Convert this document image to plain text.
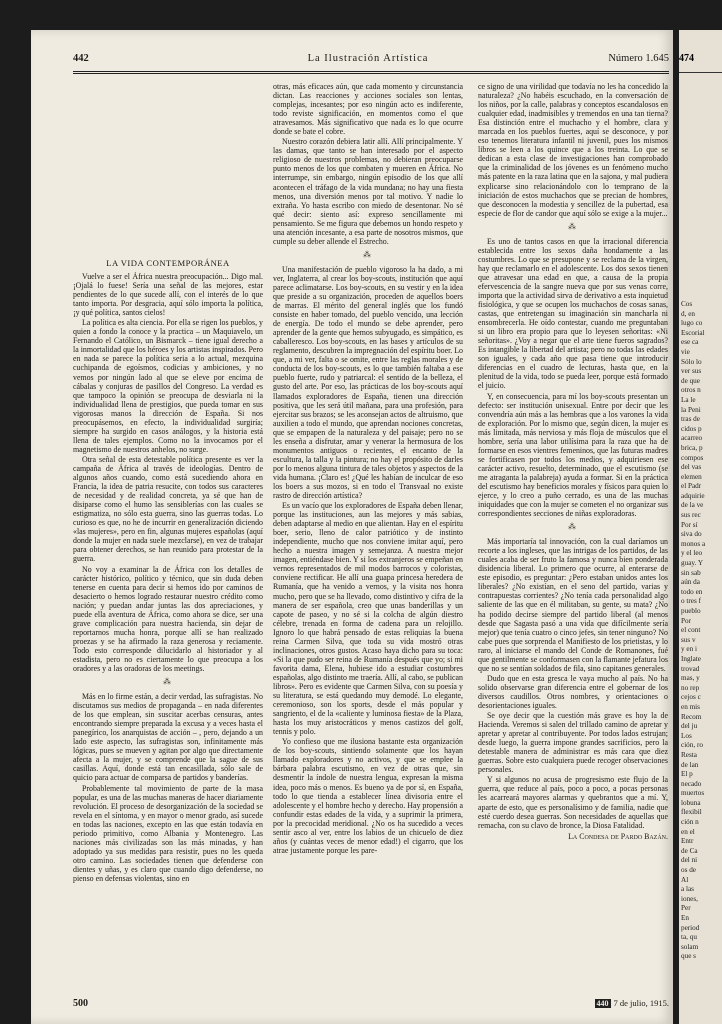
442	La Ilustración Artística	Número 1.645
LA VIDA CONTEMPORÁNEA

Vuelve a ser el África nuestra preocupación... Digo mal. ¡Ojalá lo fuese! Sería una señal de las mejores, estar pendientes de lo que sucede allí, con el interés de lo que tanto importa. Por desgracia, aquí sólo importa la política, ¡y qué política, santos cielos!

La política es alta ciencia. Por ella se rigen los pueblos, y quien a fondo la conoce y la practica – un Maquiavelo, un Fernando el Católico, un Bismarck – tiene igual derecho a la inmortalidad que los héroes y los artistas inspirados. Pero en nada se parece la política seria a lo actual, mezquina cuchipanda de egoísmos, codicias y ambiciones, y no vemos por ningún lado al que se eleve por encima de cábalas y conjuras de pasillos del Congreso. La verdad es que tampoco la opinión se preocupa de desviarla ni la individualidad llena de prestigios, que pueda tomar en sus vigorosas manos la dirección de España. Si nos preocupásemos, en efecto, la individualidad surgiría; siempre ha surgido en casos análogos, y la historia está llena de tales ejemplos. Como no la invocamos por el magnetismo de nuestros anhelos, no surge.

Otra señal de esta detestable política presente es ver la campaña de África al través de ideologías. Dentro de algunos años cuando, como está sucediendo ahora en Francia, la idea de patria resucite, con todos sus caracteres de necesidad y de realidad concreta, ya sé que han de disiparse como el humo las sensiblerías con las cuales se estigmatiza, no sólo esta guerra, sino las guerras todas. Lo curioso es que, no he de incurrir en generalización diciendo «las mujeres», pero en fin, algunas mujeres españolas (aquí donde la mujer en nada suele mezclarse), en vez de trabajar para obtener derechos, se han reunido para protestar de la guerra.

No voy a examinar la de África con los detalles de carácter histórico, político y técnico, que sin duda deben tenerse en cuenta para decir si hemos ido por caminos de desacierto o hemos logrado restaurar nuestro crédito como nación; y puedan andar juntas las dos apreciaciones, y puede ella aventura de África, como ahora se dice, ser una grave complicación para nuestra hacienda, sin dejar de reportarnos mucha honra, porque allí se han realizado proezas y se ha afirmado la raza generosa y reciamente. Todo esto corresponde dilucidarlo al historiador y al estadista, pero no es ciertamente lo que preocupa a los oradores y a las oradoras de los meetings.

⁂

Más en lo firme están, a decir verdad, las sufragistas. No discutamos sus medios de propaganda – en nada diferentes de los que emplean, sin suscitar acerbas censuras, antes encontrando siempre preparada la excusa y a veces hasta el panegírico, los anarquistas de acción – , pero, dejando a un lado este aspecto, las sufragistas son, infinitamente más lógicas, pues se mueven y agitan por algo que directamente afecta a la mujer, y se comprende que la sague de sus casillas. Aquí, donde está tan encasillada, sólo sale de quicio para actuar de comparsa de partidos y banderías.

Probablemente tal movimiento de parte de la masa popular, es una de las muchas maneras de hacer diariamente revolución. El proceso de desorganización de la sociedad se revela en el síntoma, y en mayor o menor grado, así sucede en todas las naciones, excepto en las que están todavía en periodo primitivo, como Albania y Montenegro. Las naciones más civilizadas son las más minadas, y han adoptado ya sus medidas para resistir, pues no les queda otro camino. Las sociedades tienen que defenderse con dientes y uñas, y es claro que cuando digo defenderse, no pienso en defensas violentas, sino en

otras, más eficaces aún, que cada momento y circunstancia dictan. Las reacciones y acciones sociales son lentas, complejas, incesantes; por eso ningún acto es indiferente, todo reviste significación, en momentos como el que atravesamos. Más significativo que nada es lo que ocurre donde se bate el cobre.

Nuestro corazón debiera latir allí. Allí principalmente. Y las damas, que tanto se han interesado por el aspecto religioso de nuestros problemas, no debieran preocuparse punto menos de los que combaten y mueren en África. No interrumpe, sin embargo, ningún episodio de los que allí acontecen el tráfago de la vida mundana; no hay una fiesta menos, una diversión menos por tal motivo. Y nadie lo extraña. Yo hasta escribo con miedo de desentonar. No sé qué decir: siento así: expreso sencillamente mi pensamiento. Se me figura que debemos un hondo respeto y una atención incesante, a esa parte de nosotros mismos, que cumple su deber allende el Estrecho.

⁂

Una manifestación de pueblo vigoroso la ha dado, a mi ver, Inglaterra, al crear los boy-scouts, institución que aquí parece aclimatarse. Los boy-scouts, en su vestir y en la idea que preside a su organización, proceden de aquellos boers de marras. El mérito del general inglés que los fundó consiste en haber tomado, del pueblo vencido, una lección de energía. De todo el mundo se debe aprender, pero aprender de la gente que hemos subyugado, es simpático, es caballeresco. Los boy-scouts, en las bases y artículos de su reglamento, descubren la impregnación del espíritu boer. Lo que, a mi ver, falta o se omite, entre las reglas morales y de conducta de los boy-scouts, es lo que también faltaba a ese pueblo fuerte, rudo y patriarcal: el sentido de la belleza, el gusto del arte. Por eso, las prácticas de los boy-scouts aquí llamados exploradores de España, tienen una dirección positiva, que les será útil mañana, para una profesión, para ejercitar sus brazos; se les aconsejan actos de altruismo, que auxilien a todo el mundo, que aprendan nociones concretas, que se empapen de la naturaleza y del paisaje; pero no se les enseña a disfrutar, amar y venerar la hermosura de los monumentos antiguos o recientes, el encanto de la escultura, la talla y la pintura; no hay el propósito de darles por lo menos alguna tintura de tales objetos y aspectos de la vida humana. ¡Claro es! ¿Qué les habían de inculcar de eso los boers a sus mozos, si en todo el Transvaal no existe rastro de dirección artística?

Es un vacío que los exploradores de España deben llenar, porque las instituciones, aun las mejores y más sabias, deben adaptarse al medio en que alientan. Hay en el espíritu boer, serio, lleno de calor patriótico y de instinto independiente, mucho que nos conviene imitar aquí, pero hecho a nuestra imagen y semejanza. A nuestra mejor imagen, entiéndase bien. Y si los extranjeros se empeñan en vernos representados de mil modos barrocos y coloristas, conviene rectificar. He allí una guapa princesa heredera de Rumanía, que ha venido a vernos, y la visita nos honra mucho, pero que se ha llevado, como distintivo y cifra de la manera de ser española, creo que unas banderillas y un capote de paseo, y no sé si la colcha de algún diestro célebre, trenada en forma de cadena para un relojillo. Ignoro lo que habrá pensado de estas reliquias la buena reina Carmen Silva, que toda su vida mostró otras inclinaciones, otros gustos. Acaso haya dicho para su toca: «Si la que pudo ser reina de Rumanía después que yo; si mi favorita dama, Elena, hubiese ido a estudiar costumbres españolas, algo distinto me traería. Allí, al cabo, se publican libros». Pero es evidente que Carmen Silva, con su poesía y su literatura, se está quedando muy demodé. Lo elegante, ceremonioso, son los sports, desde el más popular y sangriento, el de la «caliente y luminosa fiesta» de la Plaza, hasta los muy aristocráticos y menos castizos del golf, tennis y polo.

Yo confieso que me ilusiona bastante esta organización de los boy-scouts, sintiendo solamente que los hayan llamado exploradores y no activos, y que se emplee la bárbara palabra escutismo, en vez de otras que, sin desmentir la índole de nuestra lengua, expresan la misma idea, poco más o menos. Es bueno ya de por sí, en España, todo lo que tienda a establecer línea divisoria entre el adolescente y el hombre hecho y derecho. Hay propensión a confundir estas edades de la vida, y a suprimir la primera, por la precocidad meridional. ¿No os ha sucedido a veces sentir asco al ver, entre los labios de un chicuelo de diez años (y cuántas veces de menor edad!) el cigarro, que los atrae justamente porque les pare-

ce signo de una virilidad que todavía no les ha concedido la naturaleza? ¿No habéis escuchado, en la conversación de los niños, por la calle, palabras y conceptos escandalosos en cualquier edad, inadmisibles y tremendos en una tan tierna? Esa distinción entre el muchacho y el hombre, clara y marcada en los pueblos fuertes, aquí se desconoce, y por eso tenemos literatura infantil ni juvenil, pues los mismos libros se leen a los quince que a los treinta. Lo que se dedican a esta clase de investigaciones han comprobado que la criminalidad de los jóvenes es un fenómeno mucho más patente en la raza latina que en la sajona, y mal pudiera explicarse sino relacionándolo con lo temprano de la iniciación de estos muchachos que se precian de hombres, que desconocen la modestia y sencillez de la pubertad, esa especie de flor de candor que aquí sólo se exige a la mujer...

⁂

Es uno de tantos casos en que la irracional diferencia establecida entre los sexos daña hondamente a las costumbres. Lo que se presupone y se reclama de la virgen, hay que reclamarlo en el adolescente. Los dos sexos tienen que atravesar una edad en que, a causa de la propia efervescencia de la sangre nueva que por sus venas corre, importa que la actividad sirva de derivativo a esta inquietud fisiológica, y que se ocupen los muchachos de cosas sanas, castas, que entretengan su imaginación sin mancharla ni ensombrecerla. He oído contestar, cuando me preguntaban si un libro era propio para que lo leyesen señoritas: «Ni señoritas». ¿Voy a negar que el arte tiene fueros sagrados? Es intangible la libertad del artista; pero no todas las edades son iguales, y cada año que pasa tiene que introducir diferencias en el cuadro de lecturas, hasta que, en la plenitud de la vida, todo se pueda leer, porque está formado el juicio.

Y, en consecuencia, para mí los boy-scouts presentan un defecto: ser institución unisexual. Entre por decir que les convendría aún más a las hembras que a los varones la vida de exploración. Por lo mismo que, según dicen, la mujer es más limitada, más nerviosa y más floja de músculos que el hombre, sería una labor utilísima para la raza que ha de formarse en esos vientres femeninos, que las futuras madres se fortificasen por todos los medios, y adquiriesen ese carácter activo, resuelto, determinado, que el escutismo (se me atraganta la palabreja) ayuda a formar. Si en la práctica del escutismo hay beneficios morales y físicos para quien lo ejerce, y lo creo a puño cerrado, es una de las muchas iniquidades que con la mujer se cometen el no organizar sus correspondientes secciones de niñas exploradoras.

⁂

Más importaría tal innovación, con la cual daríamos un recorte a los ingleses, que las intrigas de los partidos, de las cuales acaba de ser fruto la famosa y nunca bien ponderada disidencia liberal. Lo primero que ocurre, al enterarse de este episodio, es preguntar: ¿Pero estaban unidos antes los liberales? ¿No existían, en el seno del partido, varias y contrapuestas corrientes? ¿No tenía cada personalidad algo saliente de las que en él militaban, su gente, su mata? ¿No ha podido decirse siempre del partido liberal (al menos desde que Sagasta pasó a una vida que difícilmente sería mejor) que tenía cuatro o cinco jefes, sin tener ninguno? No cabe pues que sorprenda el Manifiesto de los prietistas, y lo raro, al iniciarse el mando del Conde de Romanones, fué que gentilmente se conformasen con la flamante jefatura los que no se sentían soldados de fila, sino capitanes generales.

Dudo que en esta gresca le vaya mucho al país. No ha solido observarse gran diferencia entre el gobernar de los diversos caudillos. Otros nombres, y orientaciones o desorientaciones iguales.

Se oye decir que la cuestión más grave es hoy la de Hacienda. Veremos si salen del trillado camino de apretar y apretar y apretar al contribuyente. Por todos lados estrujan; desde luego, la guerra impone grandes sacrificios, pero la detestable manera de administrar es más cara que diez guerras. Sobre esto cualquiera puede recoger observaciones personales.

Y si algunos no acusa de progresismo este flujo de la guerra, que reduce al país, poco a poco, a pocas personas les acarreará mayores alarmas y quebrantos que a mí. Y, aparte de esto, que es personalísimo y de familia, nadie que esté cuerdo desea guerras. Son necesidades de aquellas que remacha, con su clavo de bronce, la Diosa Fatalidad.

La Condesa de Pardo Bazán.
500	440 7 de julio, 1915.
474
Cos
d, en
lugo co
Escorial
ese ca
vie
Sólo lo
ver sus
de que
otros n
La le
la Peni
tras de
cidos p
acarreo
brica, p
compos
del vas
elemen
el Padr
adquirie
de la ve
sus rec
Por sí
siva do
monos a
y el leo
guay. Y
sin sab
aún da
todo en
o tres f
pueblo
Por
el cont
sus v
y en i
Inglate
trovad
mas, y
no rep
cejos c
en mis
Recom
del ju
Los
ción, ro
Resta
de lan
El p
necado
muertos
lobuna
flexibil
ción n
en el
Entr
de Ca
del ni
os de
Al
a las
iones,
Per
En
period
ta, qu
solam
que s
